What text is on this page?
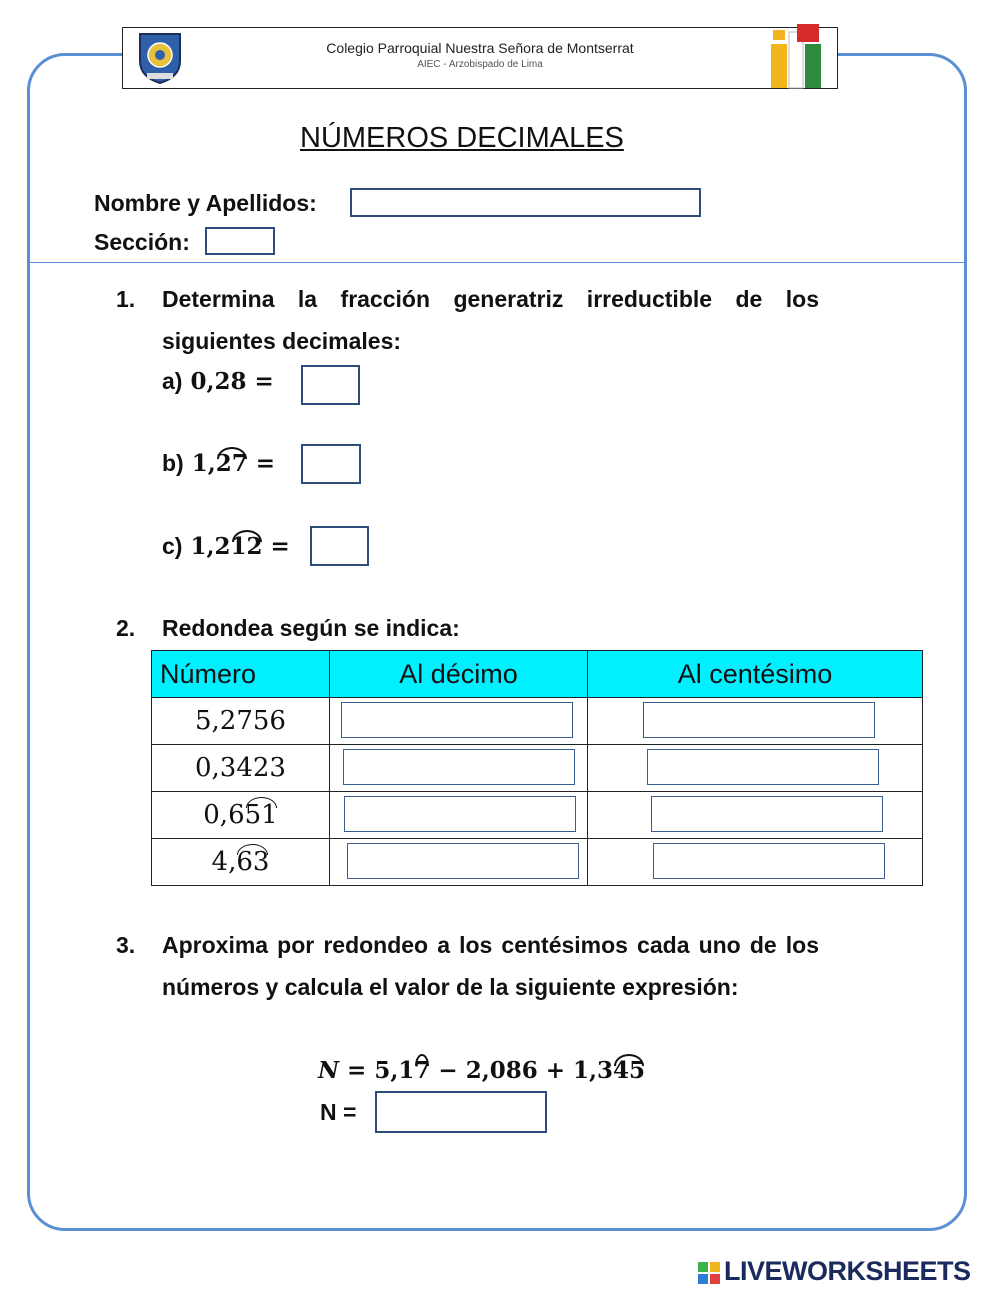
Colegio Parroquial Nuestra Señora de Montserrat
AIEC - Arzobispado de Lima
NÚMEROS DECIMALES
Nombre y Apellidos:
Sección:
1. Determina la fracción generatriz irreductible de los siguientes decimales:
a) 0,28 =
b) 1,27 =
c) 1,212 =
2. Redondea según se indica:
Número	Al décimo	Al centésimo
5,2756	

0,3423	

0,651	

4,63	

3. Aproxima por redondeo a los centésimos cada uno de los números y calcula el valor de la siguiente expresión:
N = 5,17 − 2,086 + 1,345
N =
LIVEWORKSHEETS
